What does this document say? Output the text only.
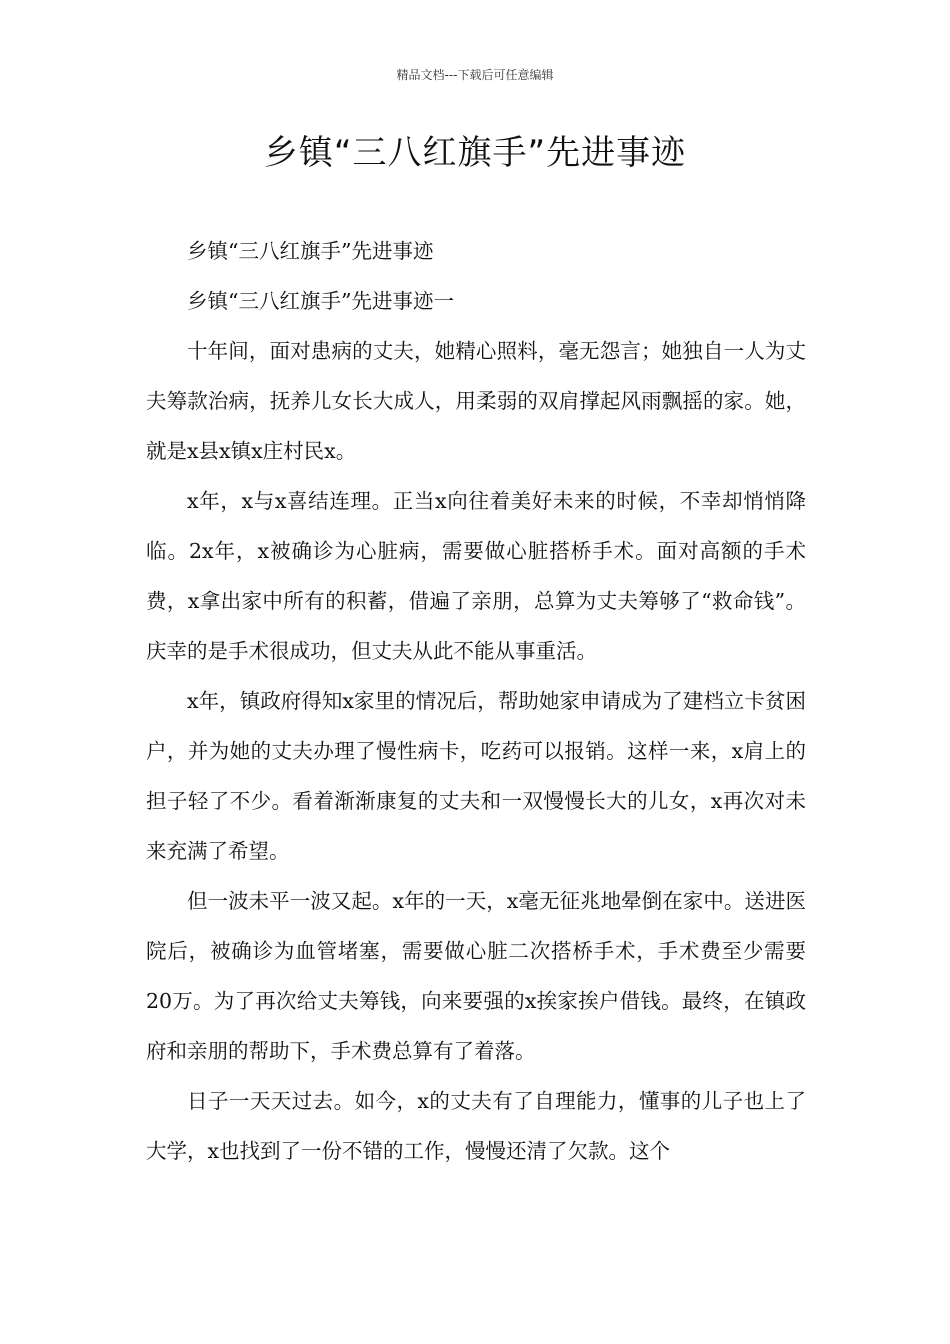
精品文档---下载后可任意编辑
乡镇“三八红旗手”先进事迹

乡镇“三八红旗手”先进事迹

乡镇“三八红旗手”先进事迹一

十年间，面对患病的丈夫，她精心照料，毫无怨言；她独自一人为丈夫筹款治病，抚养儿女长大成人，用柔弱的双肩撑起风雨飘摇的家。她，就是x县x镇x庄村民x。

x年，x与x喜结连理。正当x向往着美好未来的时候，不幸却悄悄降临。2x年，x被确诊为心脏病，需要做心脏搭桥手术。面对高额的手术费，x拿出家中所有的积蓄，借遍了亲朋，总算为丈夫筹够了“救命钱”。庆幸的是手术很成功，但丈夫从此不能从事重活。

x年，镇政府得知x家里的情况后，帮助她家申请成为了建档立卡贫困户，并为她的丈夫办理了慢性病卡，吃药可以报销。这样一来，x肩上的担子轻了不少。看着渐渐康复的丈夫和一双慢慢长大的儿女，x再次对未来充满了希望。

但一波未平一波又起。x年的一天，x毫无征兆地晕倒在家中。送进医院后，被确诊为血管堵塞，需要做心脏二次搭桥手术，手术费至少需要20万。为了再次给丈夫筹钱，向来要强的x挨家挨户借钱。最终，在镇政府和亲朋的帮助下，手术费总算有了着落。

日子一天天过去。如今，x的丈夫有了自理能力，懂事的儿子也上了大学，x也找到了一份不错的工作，慢慢还清了欠款。这个
